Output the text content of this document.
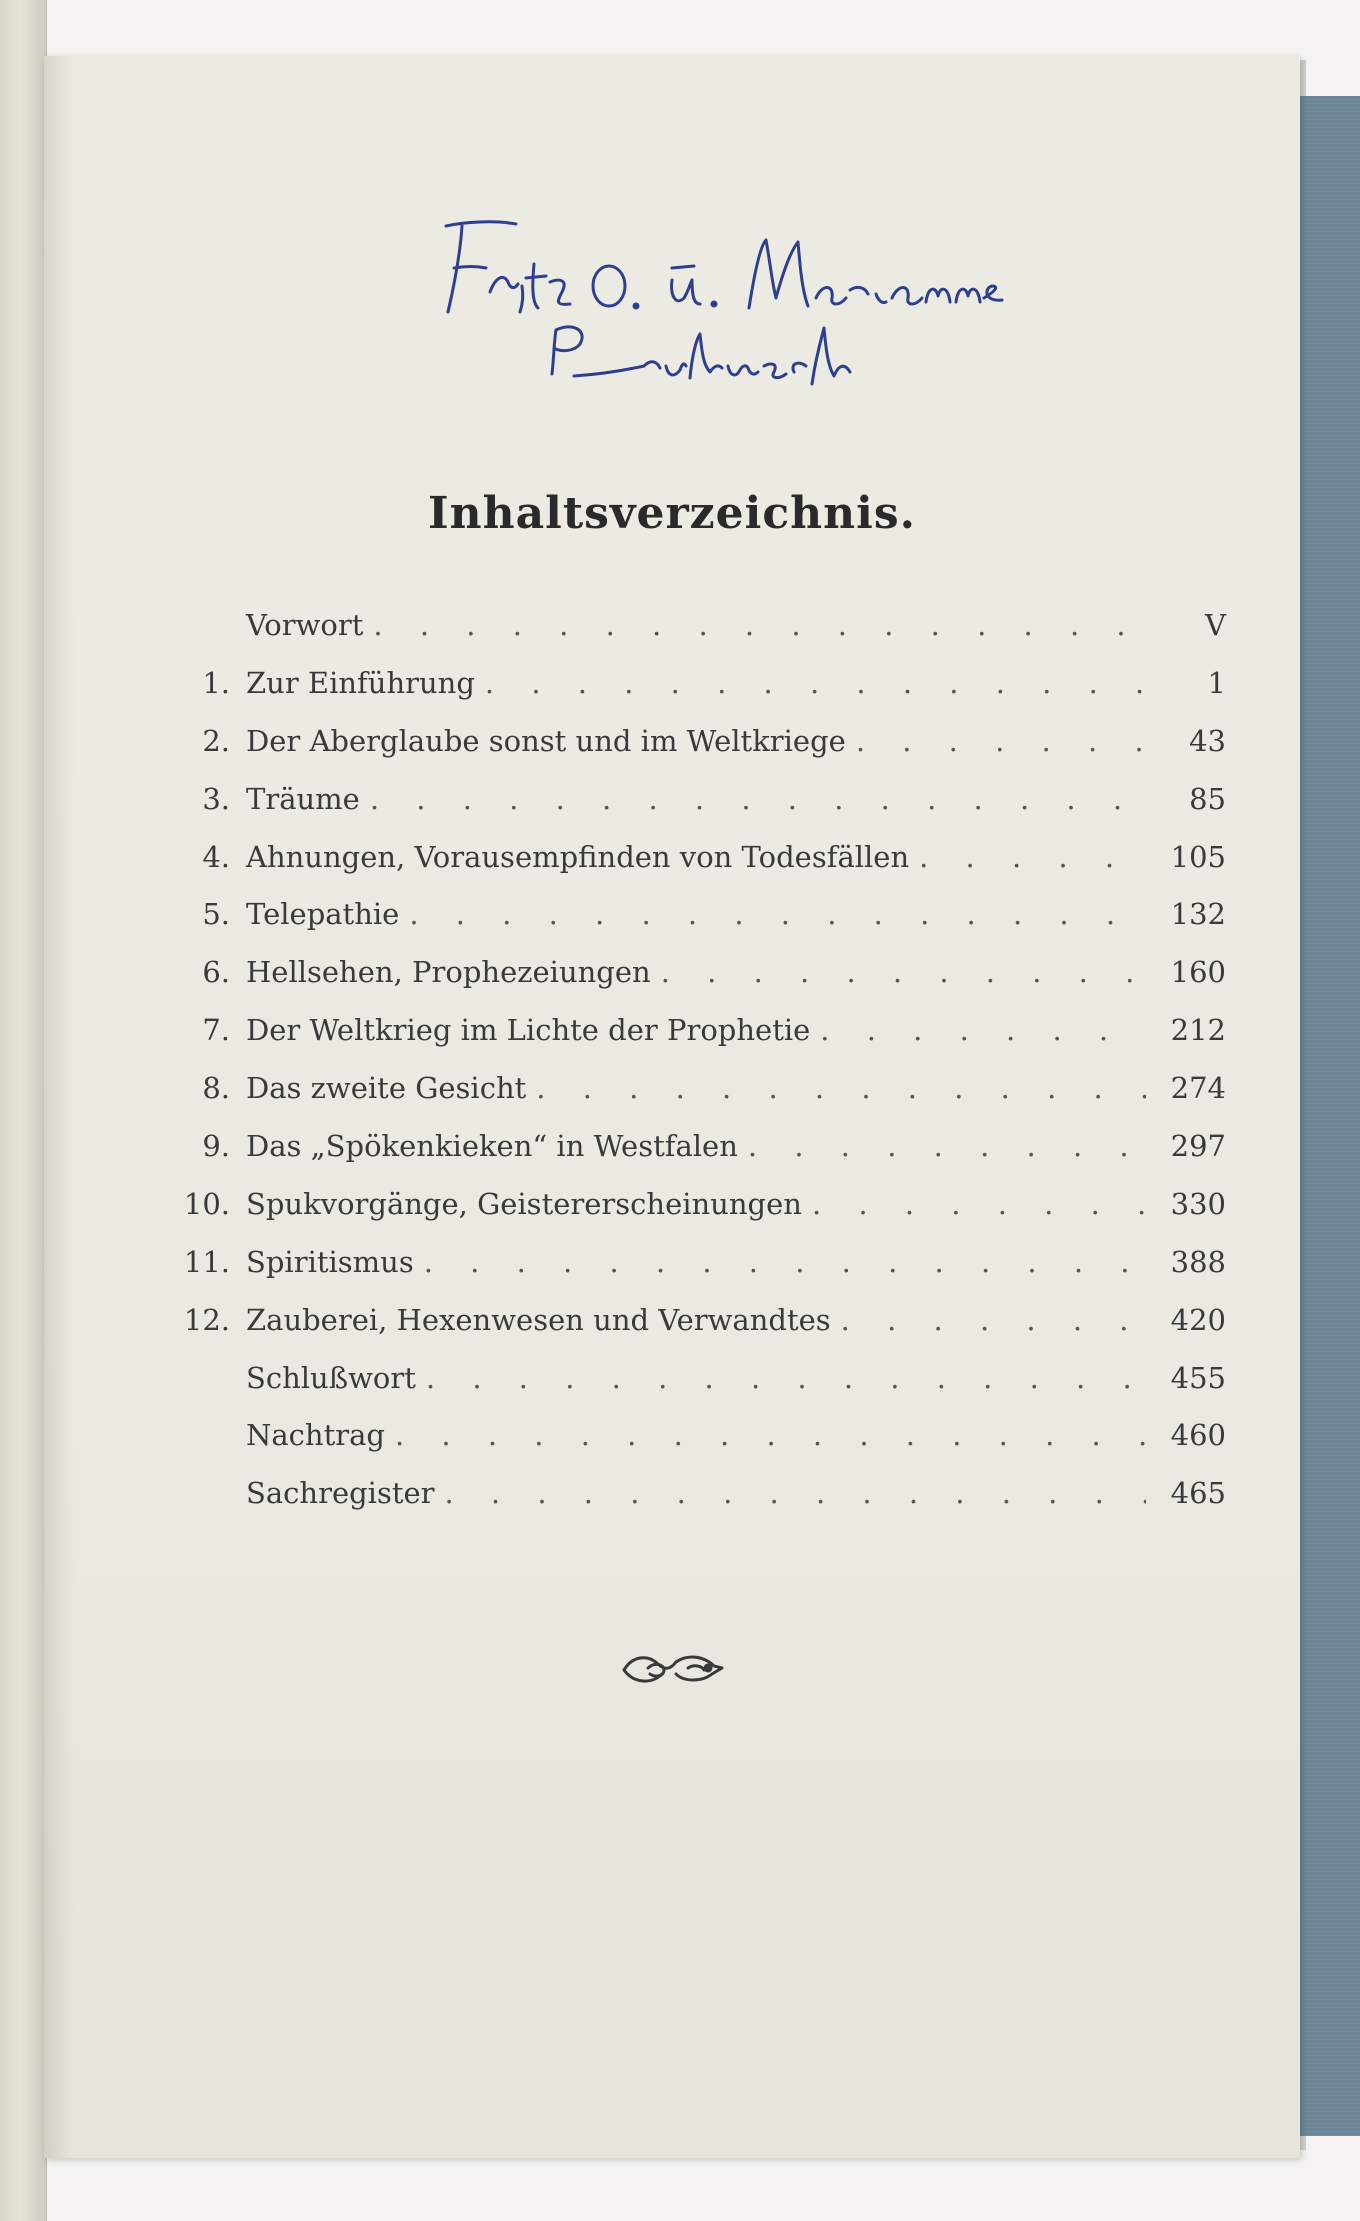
Inhaltsverzeichnis.
Vorwort . . .	V
1. Zur Einführung . . .	1
2. Der Aberglaube sonst und im Weltkriege . . .	43
3. Träume . . .	85
4. Ahnungen, Vorausempfinden von Todesfällen . . .	105
5. Telepathie . . .	132
6. Hellsehen, Prophezeiungen . . .	160
7. Der Weltkrieg im Lichte der Prophetie . . .	212
8. Das zweite Gesicht . . .	274
9. Das „Spökenkieken“ in Westfalen . . .	297
10. Spukvorgänge, Geistererscheinungen . . .	330
11. Spiritismus . . .	388
12. Zauberei, Hexenwesen und Verwandtes . . .	420
Schlußwort . . .	455
Nachtrag . . .	460
Sachregister . . .	465
